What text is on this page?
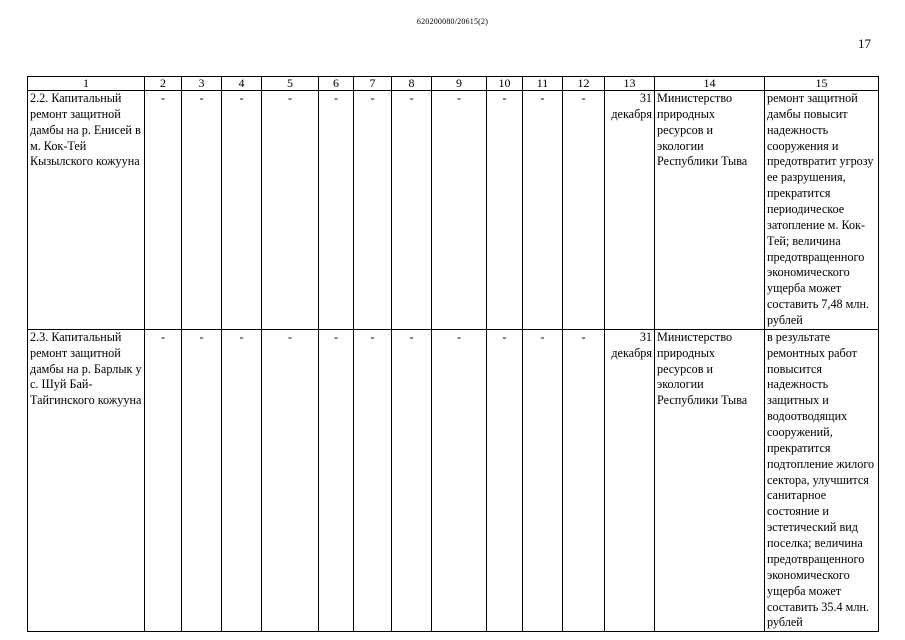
620200080/20615(2)
17
1	2	3	4	5	6	7	8	9	10	11	12	13	14	15
2.2. Капитальный ремонт защитной дамбы на р. Енисей в м. Кок-Тей Кызылского кожууна	-	-	-	-	-	-	-	-	-	-	-	31 декабря	Министерство природных ресурсов и экологии Республики Тыва	ремонт защитной дамбы повысит надежность сооружения и предотвратит угрозу ее разрушения, прекратится периодическое затопление м. Кок-Тей; величина предотвращенного экономического ущерба может составить 7,48 млн. рублей
2.3. Капитальный ремонт защитной дамбы на р. Барлык у с. Шуй Бай-Тайгинского кожууна	-	-	-	-	-	-	-	-	-	-	-	31 декабря	Министерство природных ресурсов и экологии Республики Тыва	в результате ремонтных работ повысится надежность защитных и водоотводящих сооружений, прекратится подтопление жилого сектора, улучшится санитарное состояние и эстетический вид поселка; величина предотвращенного экономического ущерба может составить 35.4 млн. рублей
